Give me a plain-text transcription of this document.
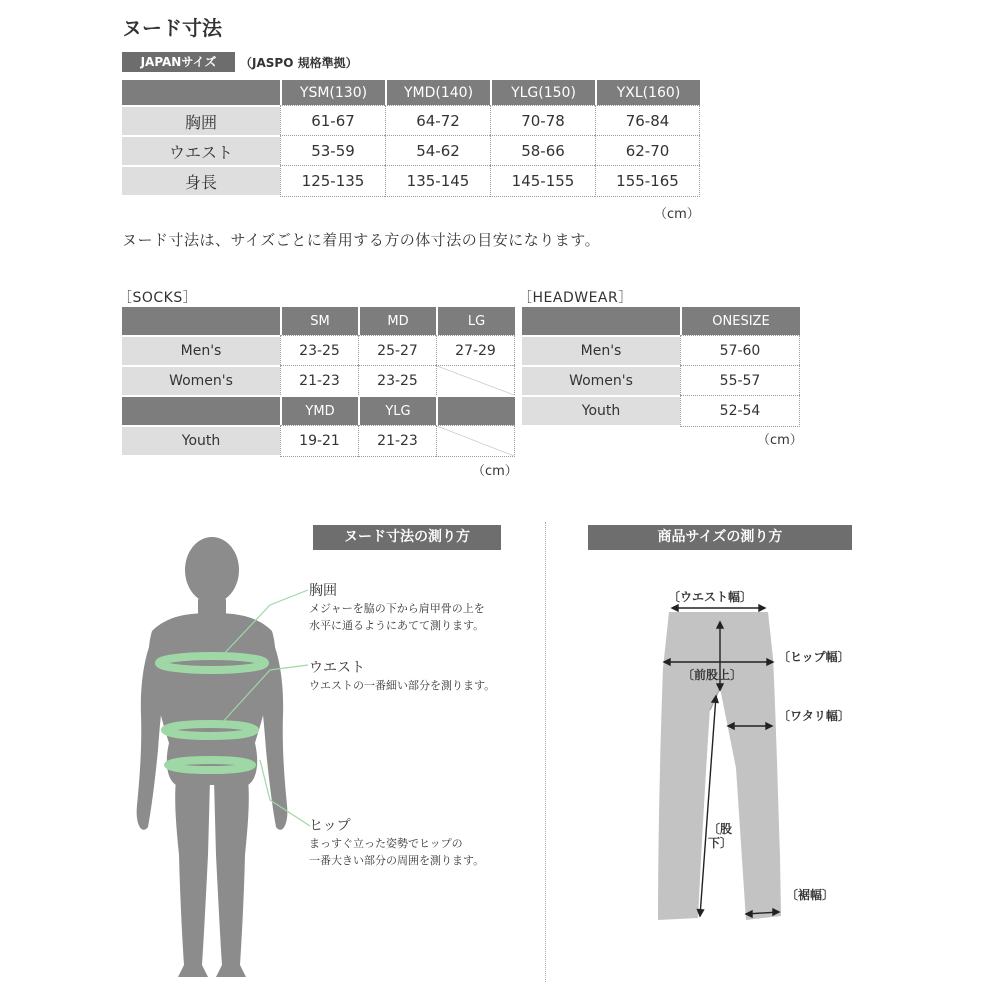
ヌード寸法
JAPANサイズ	（JASPO 規格準拠）
	YSM(130)	YMD(140)	YLG(150)	YXL(160)
胸囲	61-67	64-72	70-78	76-84
ウエスト	53-59	54-62	58-66	62-70
身長	125-135	135-145	145-155	155-165
（cm）
ヌード寸法は、サイズごとに着用する方の体寸法の目安になります。
［SOCKS］
	SM	MD	LG
Men's	23-25	25-27	27-29
Women's	21-23	23-25	
	YMD	YLG	
Youth	19-21	21-23	
（cm）
［HEADWEAR］
	ONESIZE
Men's	57-60
Women's	55-57
Youth	52-54
（cm）
ヌード寸法の測り方	商品サイズの測り方
胸囲
メジャーを脇の下から肩甲骨の上を
水平に通るようにあてて測ります。
ウエスト
ウエストの一番細い部分を測ります。
ヒップ
まっすぐ立った姿勢でヒップの
一番大きい部分の周囲を測ります。
〔ウエスト幅〕
〔ヒップ幅〕
〔前股上〕
〔ワタリ幅〕
〔股下〕
〔裾幅〕
